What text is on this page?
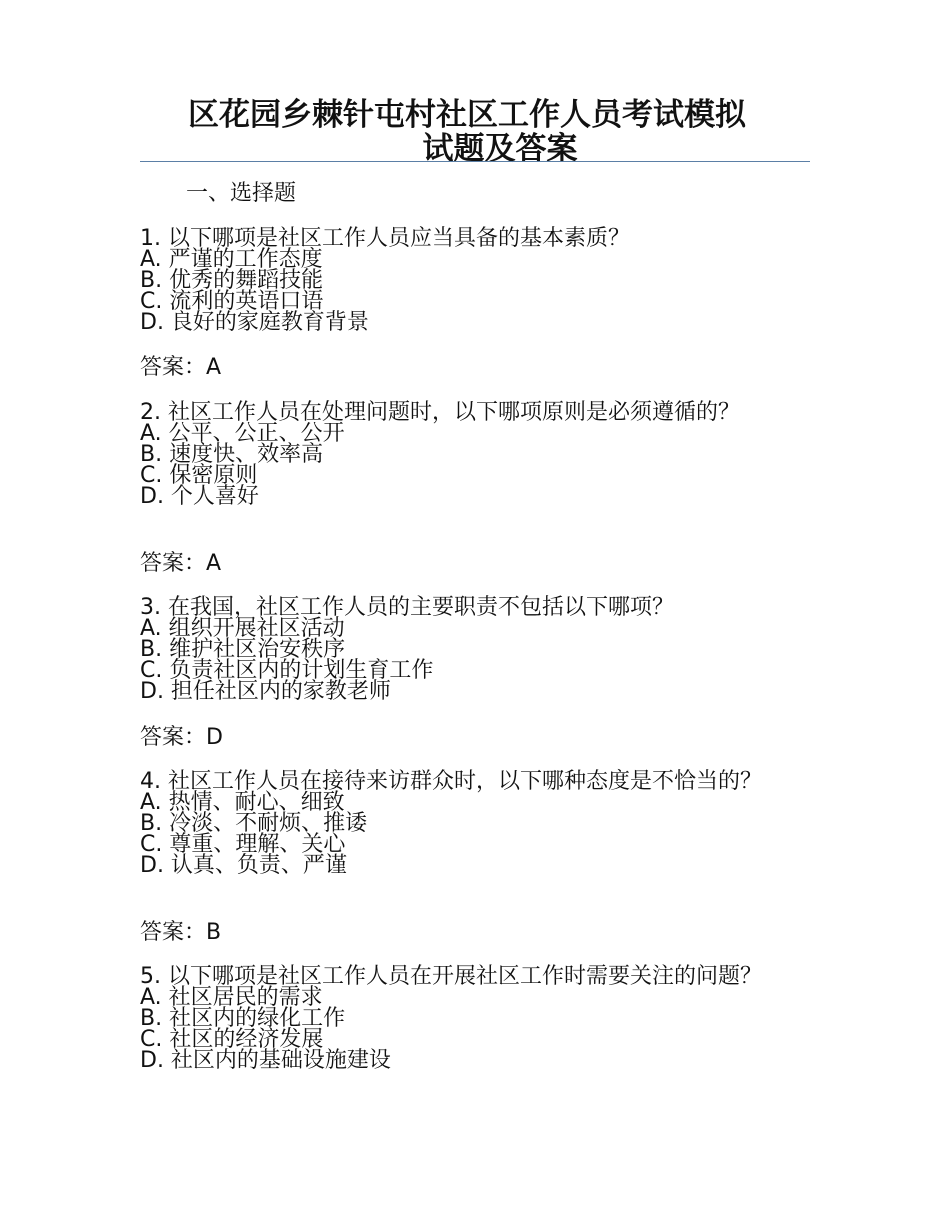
区花园乡棘针屯村社区工作人员考试模拟
试题及答案
一、选择题
1. 以下哪项是社区工作人员应当具备的基本素质？
A. 严谨的工作态度
B. 优秀的舞蹈技能
C. 流利的英语口语
D. 良好的家庭教育背景
答案：A
2. 社区工作人员在处理问题时，以下哪项原则是必须遵循的？
A. 公平、公正、公开
B. 速度快、效率高
C. 保密原则
D. 个人喜好
答案：A
3. 在我国，社区工作人员的主要职责不包括以下哪项？
A. 组织开展社区活动
B. 维护社区治安秩序
C. 负责社区内的计划生育工作
D. 担任社区内的家教老师
答案：D
4. 社区工作人员在接待来访群众时，以下哪种态度是不恰当的？
A. 热情、耐心、细致
B. 冷淡、不耐烦、推诿
C. 尊重、理解、关心
D. 认真、负责、严谨
答案：B
5. 以下哪项是社区工作人员在开展社区工作时需要关注的问题？
A. 社区居民的需求
B. 社区内的绿化工作
C. 社区的经济发展
D. 社区内的基础设施建设
